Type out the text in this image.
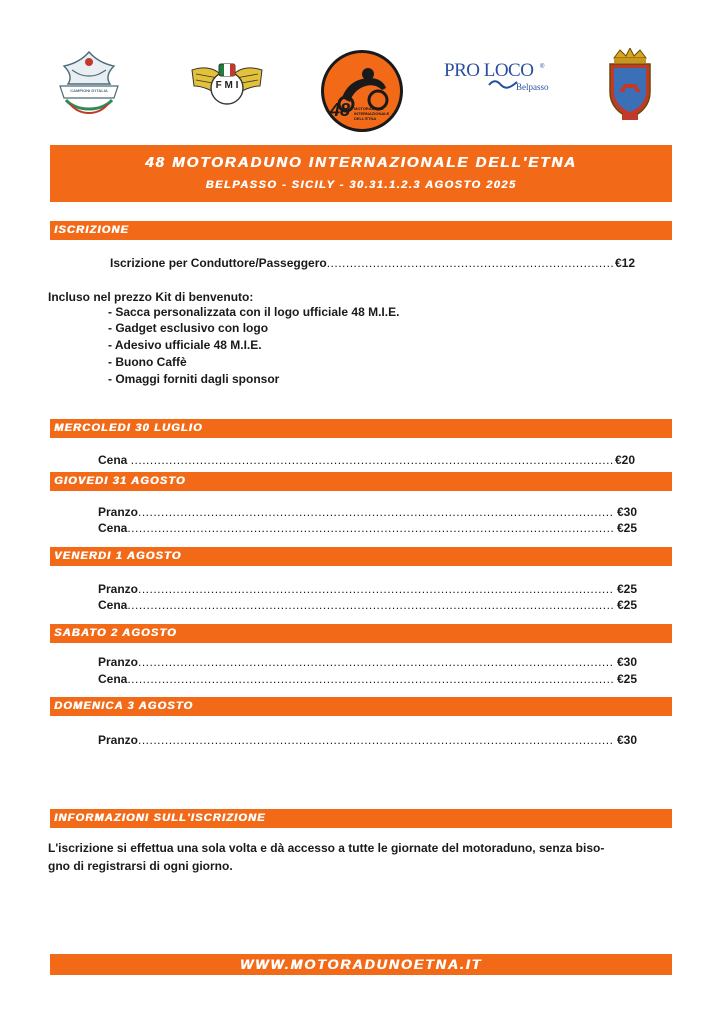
CAMPIONI D'ITALIA	F M I
48 MOTORADUNO INTERNAZIONALE DELL'ETNA
PRO LOCO ®
Belpasso
48 MOTORADUNO INTERNAZIONALE DELL'ETNA
BELPASSO - SICILY - 30.31.1.2.3 AGOSTO 2025
ISCRIZIONE
Iscrizione per Conduttore/Passeggero .....	€12
Incluso nel prezzo Kit di benvenuto:
- Sacca personalizzata con il logo ufficiale 48 M.I.E.
- Gadget esclusivo con logo
- Adesivo ufficiale 48 M.I.E.
- Buono Caffè
- Omaggi forniti dagli sponsor
MERCOLEDI 30 LUGLIO
Cena .....	€20
GIOVEDI 31 AGOSTO
Pranzo .....	€30
Cena .....	€25
VENERDI 1 AGOSTO
Pranzo .....	€25
Cena .....	€25
SABATO 2 AGOSTO
Pranzo .....	€30
Cena .....	€25
DOMENICA 3 AGOSTO
Pranzo .....	€30
INFORMAZIONI SULL'ISCRIZIONE
L'iscrizione si effettua una sola volta e dà accesso a tutte le giornate del motoraduno, senza biso-
gno di registrarsi di ogni giorno.
WWW.MOTORADUNOETNA.IT
